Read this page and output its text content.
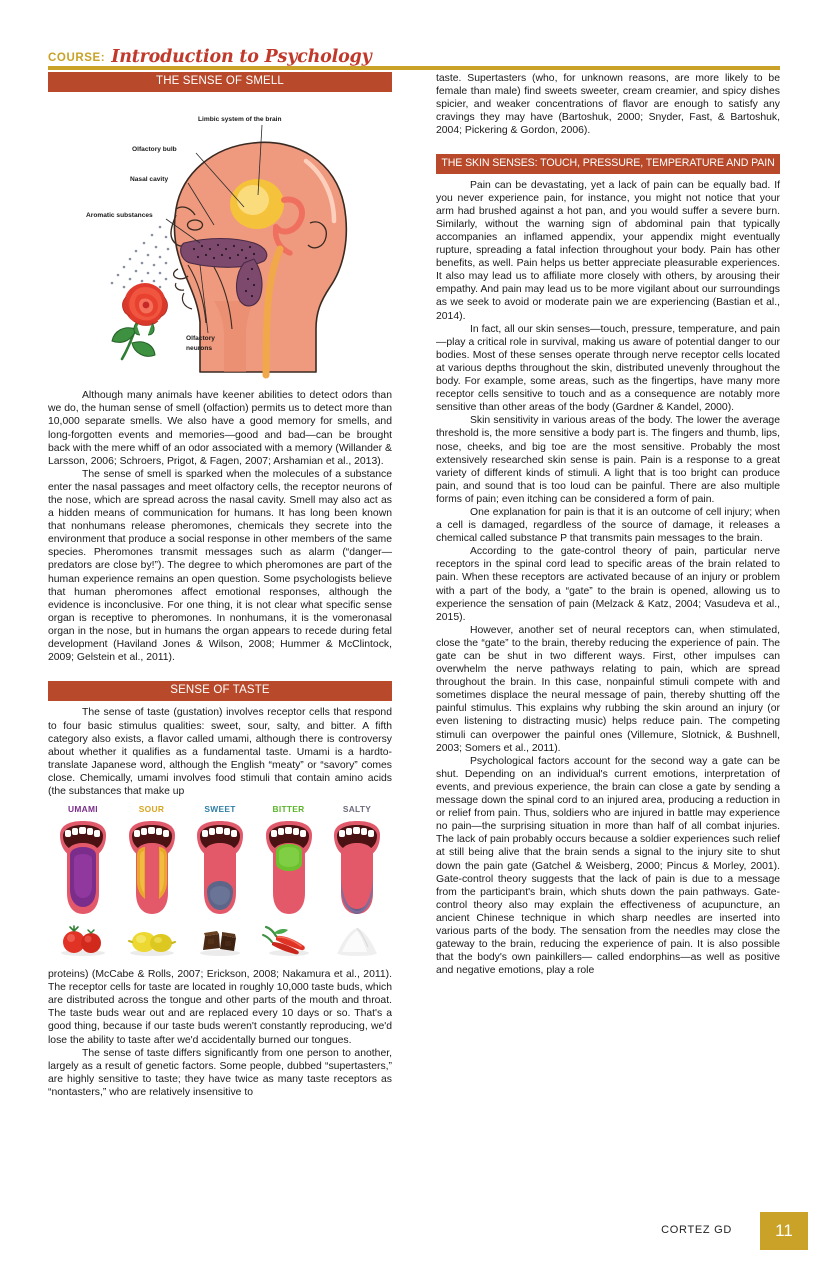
COURSE: Introduction to Psychology
THE SENSE OF SMELL
Limbic system of the brain
Olfactory bulb
Nasal cavity
Aromatic substances
Olfactory
neurons

Although many animals have keener abilities to detect odors than we do, the human sense of smell (olfaction) permits us to detect more than 10,000 separate smells. We also have a good memory for smells, and long-forgotten events and memories—good and bad—can be brought back with the mere whiff of an odor associated with a memory (Willander & Larsson, 2006; Schroers, Prigot, & Fagen, 2007; Arshamian et al., 2013).

The sense of smell is sparked when the molecules of a substance enter the nasal passages and meet olfactory cells, the receptor neurons of the nose, which are spread across the nasal cavity. Smell may also act as a hidden means of communication for humans. It has long been known that nonhumans release pheromones, chemicals they secrete into the environment that produce a social response in other members of the same species. Pheromones transmit messages such as alarm (“danger—predators are close by!”). The degree to which pheromones are part of the human experience remains an open question. Some psychologists believe that human pheromones affect emotional responses, although the evidence is inconclusive. For one thing, it is not clear what specific sense organ is receptive to pheromones. In nonhumans, it is the vomeronasal organ in the nose, but in humans the organ appears to recede during fetal development (Haviland Jones & Wilson, 2008; Hummer & McClintock, 2009; Gelstein et al., 2011).

SENSE OF TASTE

The sense of taste (gustation) involves receptor cells that respond to four basic stimulus qualities: sweet, sour, salty, and bitter. A fifth category also exists, a flavor called umami, although there is controversy about whether it qualifies as a fundamental taste. Umami is a hardto-translate Japanese word, although the English “meaty” or “savory” comes close. Chemically, umami involves food stimuli that contain amino acids (the substances that make up

UMAMI	SOUR	SWEET	BITTER	SALTY

proteins) (McCabe & Rolls, 2007; Erickson, 2008; Nakamura et al., 2011). The receptor cells for taste are located in roughly 10,000 taste buds, which are distributed across the tongue and other parts of the mouth and throat. The taste buds wear out and are replaced every 10 days or so. That's a good thing, because if our taste buds weren't constantly reproducing, we'd lose the ability to taste after we'd accidentally burned our tongues.

The sense of taste differs significantly from one person to another, largely as a result of genetic factors. Some people, dubbed “supertasters,” are highly sensitive to taste; they have twice as many taste receptors as “nontasters,” who are relatively insensitive to

taste. Supertasters (who, for unknown reasons, are more likely to be female than male) find sweets sweeter, cream creamier, and spicy dishes spicier, and weaker concentrations of flavor are enough to satisfy any cravings they may have (Bartoshuk, 2000; Snyder, Fast, & Bartoshuk, 2004; Pickering & Gordon, 2006).

THE SKIN SENSES: TOUCH, PRESSURE, TEMPERATURE AND PAIN

Pain can be devastating, yet a lack of pain can be equally bad. If you never experience pain, for instance, you might not notice that your arm had brushed against a hot pan, and you would suffer a severe burn. Similarly, without the warning sign of abdominal pain that typically accompanies an inflamed appendix, your appendix might eventually rupture, spreading a fatal infection throughout your body. Pain has other benefits, as well. Pain helps us better appreciate pleasurable experiences. It also may lead us to affiliate more closely with others, by arousing their empathy. And pain may lead us to be more vigilant about our surroundings as we seek to avoid or moderate pain we are experiencing (Bastian et al., 2014).

In fact, all our skin senses—touch, pressure, temperature, and pain—play a critical role in survival, making us aware of potential danger to our bodies. Most of these senses operate through nerve receptor cells located at various depths throughout the skin, distributed unevenly throughout the body. For example, some areas, such as the fingertips, have many more receptor cells sensitive to touch and as a consequence are notably more sensitive than other areas of the body (Gardner & Kandel, 2000).

Skin sensitivity in various areas of the body. The lower the average threshold is, the more sensitive a body part is. The fingers and thumb, lips, nose, cheeks, and big toe are the most sensitive. Probably the most extensively researched skin sense is pain. Pain is a response to a great variety of different kinds of stimuli. A light that is too bright can produce pain, and sound that is too loud can be painful. There are also multiple forms of pain; even itching can be considered a form of pain.

One explanation for pain is that it is an outcome of cell injury; when a cell is damaged, regardless of the source of damage, it releases a chemical called substance P that transmits pain messages to the brain.

According to the gate-control theory of pain, particular nerve receptors in the spinal cord lead to specific areas of the brain related to pain. When these receptors are activated because of an injury or problem with a part of the body, a “gate” to the brain is opened, allowing us to experience the sensation of pain (Melzack & Katz, 2004; Vasudeva et al., 2015).

However, another set of neural receptors can, when stimulated, close the “gate” to the brain, thereby reducing the experience of pain. The gate can be shut in two different ways. First, other impulses can overwhelm the nerve pathways relating to pain, which are spread throughout the brain. In this case, nonpainful stimuli compete with and sometimes displace the neural message of pain, thereby shutting off the painful stimulus. This explains why rubbing the skin around an injury (or even listening to distracting music) helps reduce pain. The competing stimuli can overpower the painful ones (Villemure, Slotnick, & Bushnell, 2003; Somers et al., 2011).

Psychological factors account for the second way a gate can be shut. Depending on an individual's current emotions, interpretation of events, and previous experience, the brain can close a gate by sending a message down the spinal cord to an injured area, producing a reduction in or relief from pain. Thus, soldiers who are injured in battle may experience no pain—the surprising situation in more than half of all combat injuries. The lack of pain probably occurs because a soldier experiences such relief at still being alive that the brain sends a signal to the injury site to shut down the pain gate (Gatchel & Weisberg, 2000; Pincus & Morley, 2001). Gate-control theory suggests that the lack of pain is due to a message from the participant's brain, which shuts down the pain pathways. Gate-control theory also may explain the effectiveness of acupuncture, an ancient Chinese technique in which sharp needles are inserted into various parts of the body. The sensation from the needles may close the gateway to the brain, reducing the experience of pain. It is also possible that the body's own painkillers— called endorphins—as well as positive and negative emotions, play a role

CORTEZ GD	11
